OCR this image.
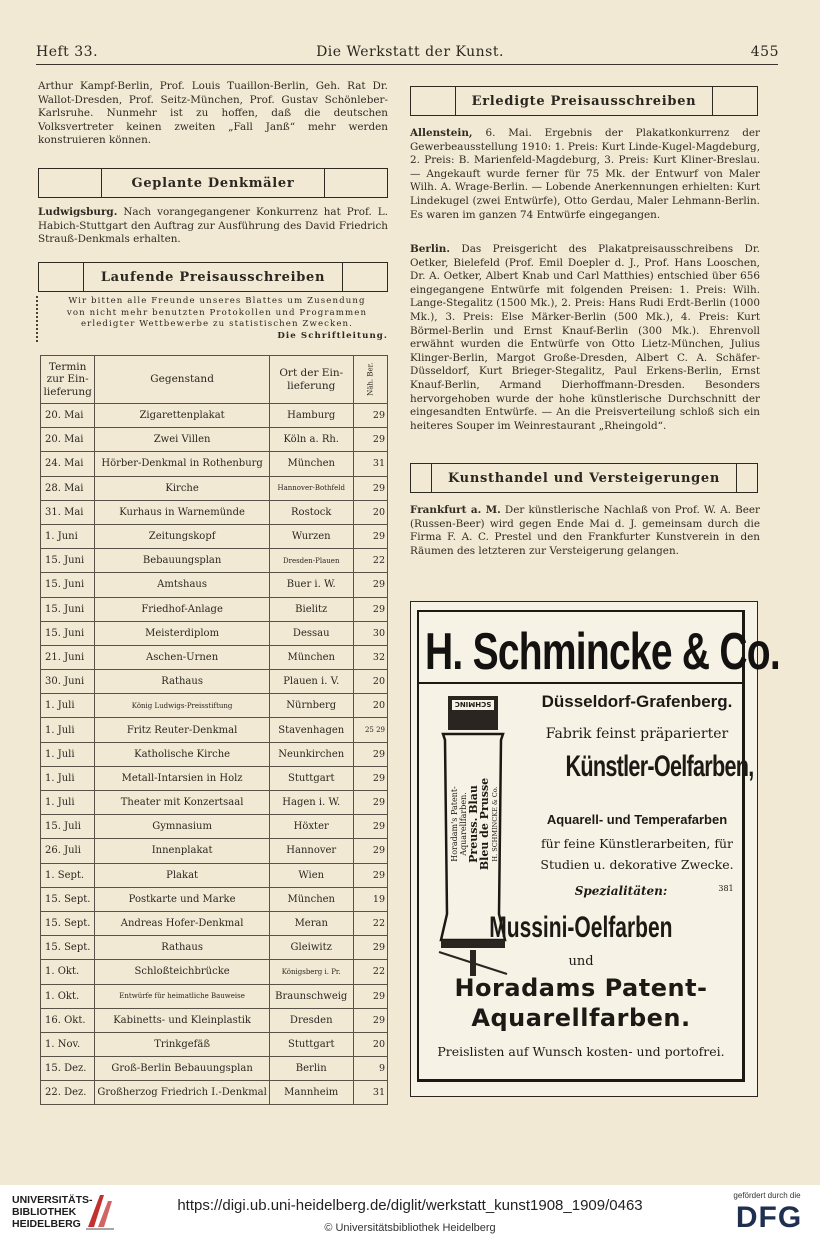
Heft 33.	Die Werkstatt der Kunst.	455

Arthur Kampf-Berlin, Prof. Louis Tuaillon-Berlin, Geh. Rat Dr. Wallot-Dresden, Prof. Seitz-München, Prof. Gustav Schönleber-Karlsruhe. Nunmehr ist zu hoffen, daß die deutschen Volksvertreter keinen zweiten „Fall Janß“ mehr werden konstruieren können.

Geplante Denkmäler

Ludwigsburg. Nach vorangegangener Konkurrenz hat Prof. L. Habich-Stuttgart den Auftrag zur Ausführung des David Friedrich Strauß-Denkmals erhalten.

Laufende Preisausschreiben
Wir bitten alle Freunde unseres Blattes um Zusendung
von nicht mehr benutzten Protokollen und Programmen
erledigter Wettbewerbe zu statistischen Zwecken.
Die Schriftleitung.
Termin zur Ein- lieferung	Gegenstand	Ort der Ein- lieferung	Näh. Ber.
20. Mai	Zigarettenplakat	Hamburg	29
20. Mai	Zwei Villen	Köln a. Rh.	29
24. Mai	Hörber-Denkmal in Rothenburg	München	31
28. Mai	Kirche	Hannover-Bothfeld	29
31. Mai	Kurhaus in Warnemünde	Rostock	20
1. Juni	Zeitungskopf	Wurzen	29
15. Juni	Bebauungsplan	Dresden-Plauen	22
15. Juni	Amtshaus	Buer i. W.	29
15. Juni	Friedhof-Anlage	Bielitz	29
15. Juni	Meisterdiplom	Dessau	30
21. Juni	Aschen-Urnen	München	32
30. Juni	Rathaus	Plauen i. V.	20
1. Juli	König Ludwigs-Preisstiftung	Nürnberg	20
1. Juli	Fritz Reuter-Denkmal	Stavenhagen	25 29
1. Juli	Katholische Kirche	Neunkirchen	29
1. Juli	Metall-Intarsien in Holz	Stuttgart	29
1. Juli	Theater mit Konzertsaal	Hagen i. W.	29
15. Juli	Gymnasium	Höxter	29
26. Juli	Innenplakat	Hannover	29
1. Sept.	Plakat	Wien	29
15. Sept.	Postkarte und Marke	München	19
15. Sept.	Andreas Hofer-Denkmal	Meran	22
15. Sept.	Rathaus	Gleiwitz	29
1. Okt.	Schloßteichbrücke	Königsberg i. Pr.	22
1. Okt.	Entwürfe für heimatliche Bauweise	Braunschweig	29
16. Okt.	Kabinetts- und Kleinplastik	Dresden	29
1. Nov.	Trinkgefäß	Stuttgart	20
15. Dez.	Groß-Berlin Bebauungsplan	Berlin	9
22. Dez.	Großherzog Friedrich I.-Denkmal	Mannheim	31
Erledigte Preisausschreiben

Allenstein, 6. Mai. Ergebnis der Plakatkonkurrenz der Gewerbeausstellung 1910: 1. Preis: Kurt Linde-Kugel-Magdeburg, 2. Preis: B. Marienfeld-Magdeburg, 3. Preis: Kurt Kliner-Breslau. — Angekauft wurde ferner für 75 Mk. der Entwurf von Maler Wilh. A. Wrage-Berlin. — Lobende Anerkennungen erhielten: Kurt Lindekugel (zwei Entwürfe), Otto Gerdau, Maler Lehmann-Berlin. Es waren im ganzen 74 Entwürfe eingegangen.

Berlin. Das Preisgericht des Plakatpreisausschreibens Dr. Oetker, Bielefeld (Prof. Emil Doepler d. J., Prof. Hans Looschen, Dr. A. Oetker, Albert Knab und Carl Matthies) entschied über 656 eingegangene Entwürfe mit folgenden Preisen: 1. Preis: Wilh. Lange-Stegalitz (1500 Mk.), 2. Preis: Hans Rudi Erdt-Berlin (1000 Mk.), 3. Preis: Else Märker-Berlin (500 Mk.), 4. Preis: Kurt Börmel-Berlin und Ernst Knauf-Berlin (300 Mk.). Ehrenvoll erwähnt wurden die Entwürfe von Otto Lietz-München, Julius Klinger-Berlin, Margot Große-Dresden, Albert C. A. Schäfer-Düsseldorf, Kurt Brieger-Stegalitz, Paul Erkens-Berlin, Ernst Knauf-Berlin, Armand Dierhoffmann-Dresden. Besonders hervorgehoben wurde der hohe künstlerische Durchschnitt der eingesandten Entwürfe. — An die Preisverteilung schloß sich ein heiteres Souper im Weinrestaurant „Rheingold“.

Kunsthandel und Versteigerungen

Frankfurt a. M. Der künstlerische Nachlaß von Prof. W. A. Beer (Russen-Beer) wird gegen Ende Mai d. J. gemeinsam durch die Firma F. A. C. Prestel und den Frankfurter Kunstverein in den Räumen des letzteren zur Versteigerung gelangen.

H. Schmincke & Co.
Düsseldorf-Grafenberg.
SCHMINC
Horadam's Patent- Aquarellfarben. Preuss. Blau
Bleu de Prusse H. SCHMINCKE & Co.
Fabrik feinst präparierter
Künstler-Oelfarben,
Aquarell- und Temperafarben
für feine Künstlerarbeiten, für
Studien u. dekorative Zwecke.
Spezialitäten:	381
Mussini-Oelfarben
und
Horadams Patent-
Aquarellfarben.
Preislisten auf Wunsch kosten- und portofrei.
UNIVERSITÄTS-
BIBLIOTHEK
HEIDELBERG
https://digi.ub.uni-heidelberg.de/diglit/werkstatt_kunst1908_1909/0463
© Universitätsbibliothek Heidelberg
gefördert durch die
DFG
